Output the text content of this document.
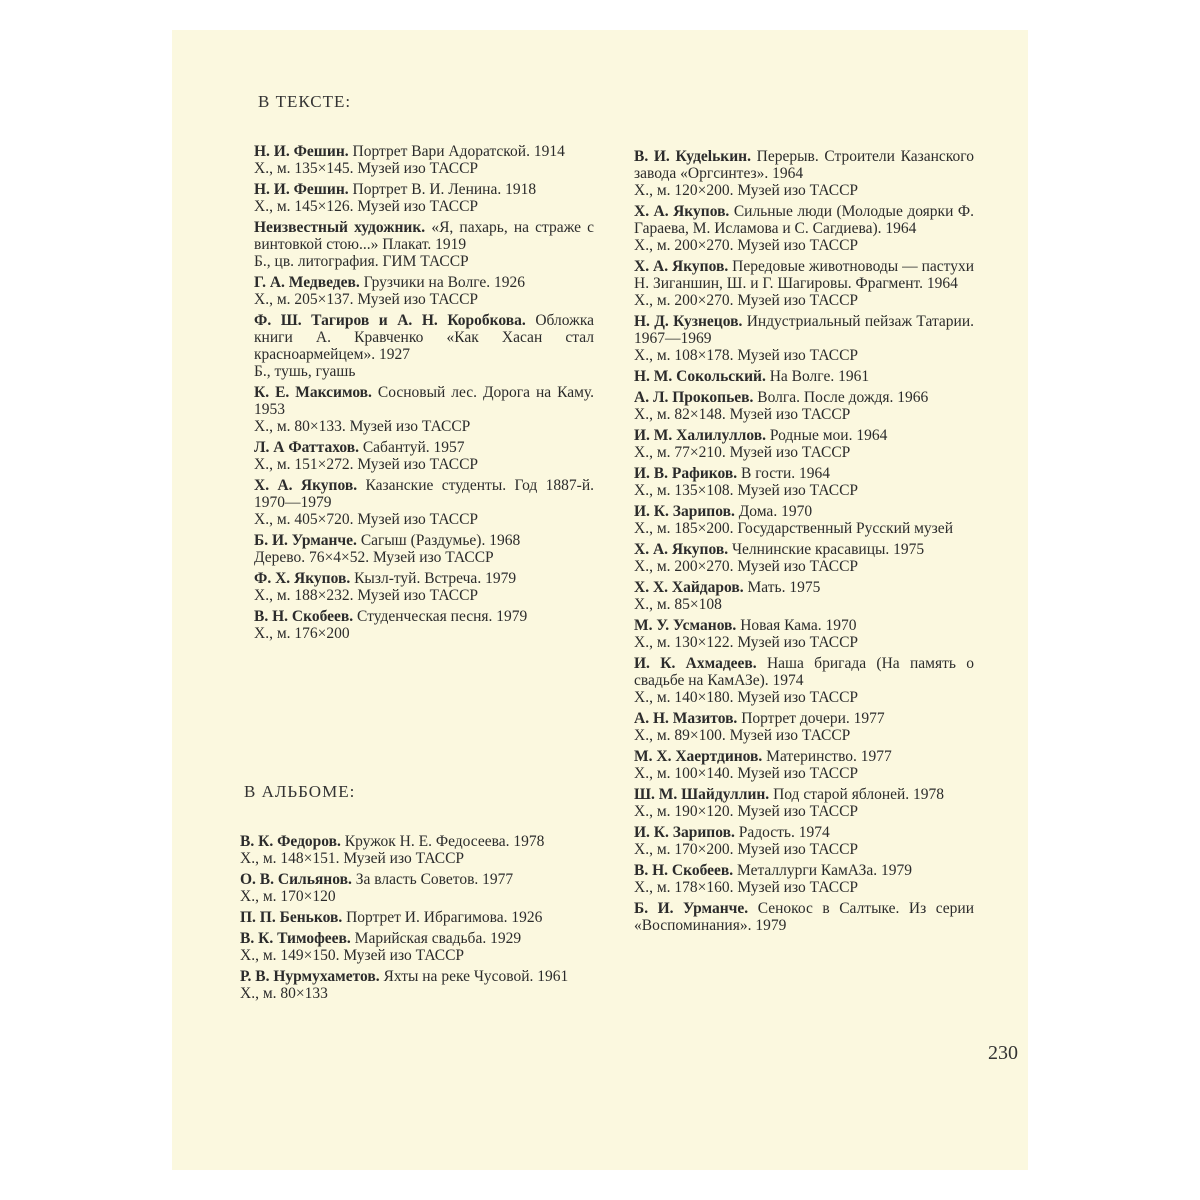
В ТЕКСТЕ:
Н. И. Фешин. Портрет Вари Адоратской. 1914
Х., м. 135×145. Музей изо ТАССР
Н. И. Фешин. Портрет В. И. Ленина. 1918
Х., м. 145×126. Музей изо ТАССР
Неизвестный художник. «Я, пахарь, на страже с винтовкой стою...» Плакат. 1919
Б., цв. литография. ГИМ ТАССР
Г. А. Медведев. Грузчики на Волге. 1926
Х., м. 205×137. Музей изо ТАССР
Ф. Ш. Тагиров и А. Н. Коробкова. Обложка книги А. Кравченко «Как Хасан стал красноармейцем». 1927
Б., тушь, гуашь
К. Е. Максимов. Сосновый лес. Дорога на Каму. 1953
Х., м. 80×133. Музей изо ТАССР
Л. А Фаттахов. Сабантуй. 1957
Х., м. 151×272. Музей изо ТАССР
Х. А. Якупов. Казанские студенты. Год 1887-й. 1970—1979
Х., м. 405×720. Музей изо ТАССР
Б. И. Урманче. Сагыш (Раздумье). 1968
Дерево. 76×4×52. Музей изо ТАССР
Ф. Х. Якупов. Кызл-туй. Встреча. 1979
Х., м. 188×232. Музей изо ТАССР
В. Н. Скобеев. Студенческая песня. 1979
Х., м. 176×200
В АЛЬБОМЕ:
В. К. Федоров. Кружок Н. Е. Федосеева. 1978
Х., м. 148×151. Музей изо ТАССР
О. В. Сильянов. За власть Советов. 1977
Х., м. 170×120
П. П. Беньков. Портрет И. Ибрагимова. 1926
В. К. Тимофеев. Марийская свадьба. 1929
Х., м. 149×150. Музей изо ТАССР
Р. В. Нурмухаметов. Яхты на реке Чусовой. 1961
Х., м. 80×133
В. И. Кудelькин. Перерыв. Строители Казанского завода «Оргсинтез». 1964
Х., м. 120×200. Музей изо ТАССР
Х. А. Якупов. Сильные люди (Молодые доярки Ф. Гараева, М. Исламова и С. Сагдиева). 1964
Х., м. 200×270. Музей изо ТАССР
Х. А. Якупов. Передовые животноводы — пастухи Н. Зиганшин, Ш. и Г. Шагировы. Фрагмент. 1964
Х., м. 200×270. Музей изо ТАССР
Н. Д. Кузнецов. Индустриальный пейзаж Татарии. 1967—1969
Х., м. 108×178. Музей изо ТАССР
Н. М. Сокольский. На Волге. 1961
А. Л. Прокопьев. Волга. После дождя. 1966
Х., м. 82×148. Музей изо ТАССР
И. М. Халилуллов. Родные мои. 1964
Х., м. 77×210. Музей изо ТАССР
И. В. Рафиков. В гости. 1964
Х., м. 135×108. Музей изо ТАССР
И. К. Зарипов. Дома. 1970
Х., м. 185×200. Государственный Русский музей
Х. А. Якупов. Челнинские красавицы. 1975
Х., м. 200×270. Музей изо ТАССР
Х. Х. Хайдаров. Мать. 1975
Х., м. 85×108
М. У. Усманов. Новая Кама. 1970
Х., м. 130×122. Музей изо ТАССР
И. К. Ахмадеев. Наша бригада (На память о свадьбе на КамАЗе). 1974
Х., м. 140×180. Музей изо ТАССР
А. Н. Мазитов. Портрет дочери. 1977
Х., м. 89×100. Музей изо ТАССР
М. Х. Хаертдинов. Материнство. 1977
Х., м. 100×140. Музей изо ТАССР
Ш. М. Шайдуллин. Под старой яблоней. 1978
Х., м. 190×120. Музей изо ТАССР
И. К. Зарипов. Радость. 1974
Х., м. 170×200. Музей изо ТАССР
В. Н. Скобеев. Металлурги КамАЗа. 1979
Х., м. 178×160. Музей изо ТАССР
Б. И. Урманче. Сенокос в Салтыке. Из серии «Воспоминания». 1979
230
